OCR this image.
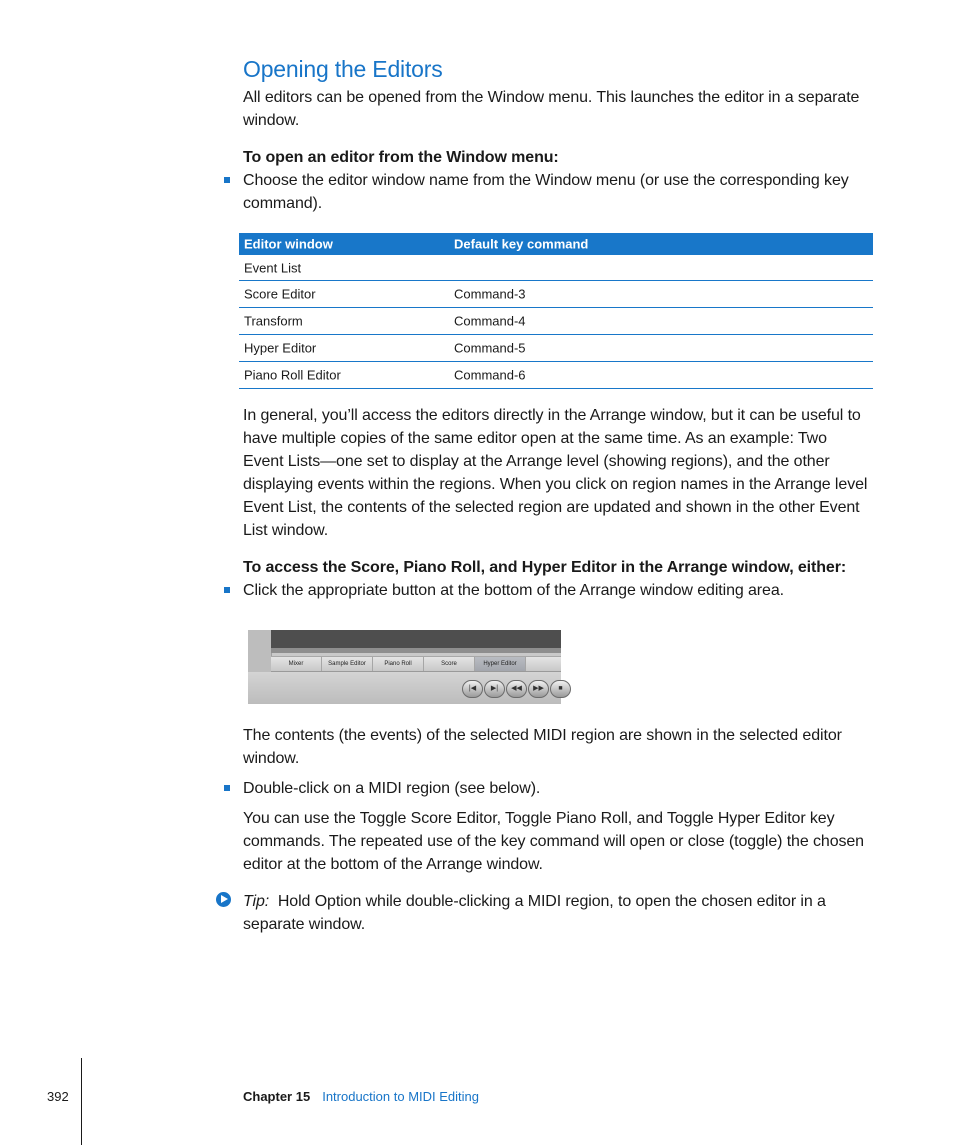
Opening the Editors
All editors can be opened from the Window menu. This launches the editor in a separate window.
To open an editor from the Window menu:
Choose the editor window name from the Window menu (or use the corresponding key command).
Editor window	Default key command
Event List
Score Editor	Command-3
Transform	Command-4
Hyper Editor	Command-5
Piano Roll Editor	Command-6
In general, you’ll access the editors directly in the Arrange window, but it can be useful to have multiple copies of the same editor open at the same time. As an example: Two Event Lists—one set to display at the Arrange level (showing regions), and the other displaying events within the regions. When you click on region names in the Arrange level Event List, the contents of the selected region are updated and shown in the other Event List window.
To access the Score, Piano Roll, and Hyper Editor in the Arrange window, either:
Click the appropriate button at the bottom of the Arrange window editing area.
Mixer	Sample Editor	Piano Roll	Score	Hyper Editor
|◀	▶|	◀◀	▶▶	■
The contents (the events) of the selected MIDI region are shown in the selected editor window.
Double-click on a MIDI region (see below).
You can use the Toggle Score Editor, Toggle Piano Roll, and Toggle Hyper Editor key commands. The repeated use of the key command will open or close (toggle) the chosen editor at the bottom of the Arrange window.
Tip: Hold Option while double-clicking a MIDI region, to open the chosen editor in a separate window.
392	Chapter 15 Introduction to MIDI Editing
